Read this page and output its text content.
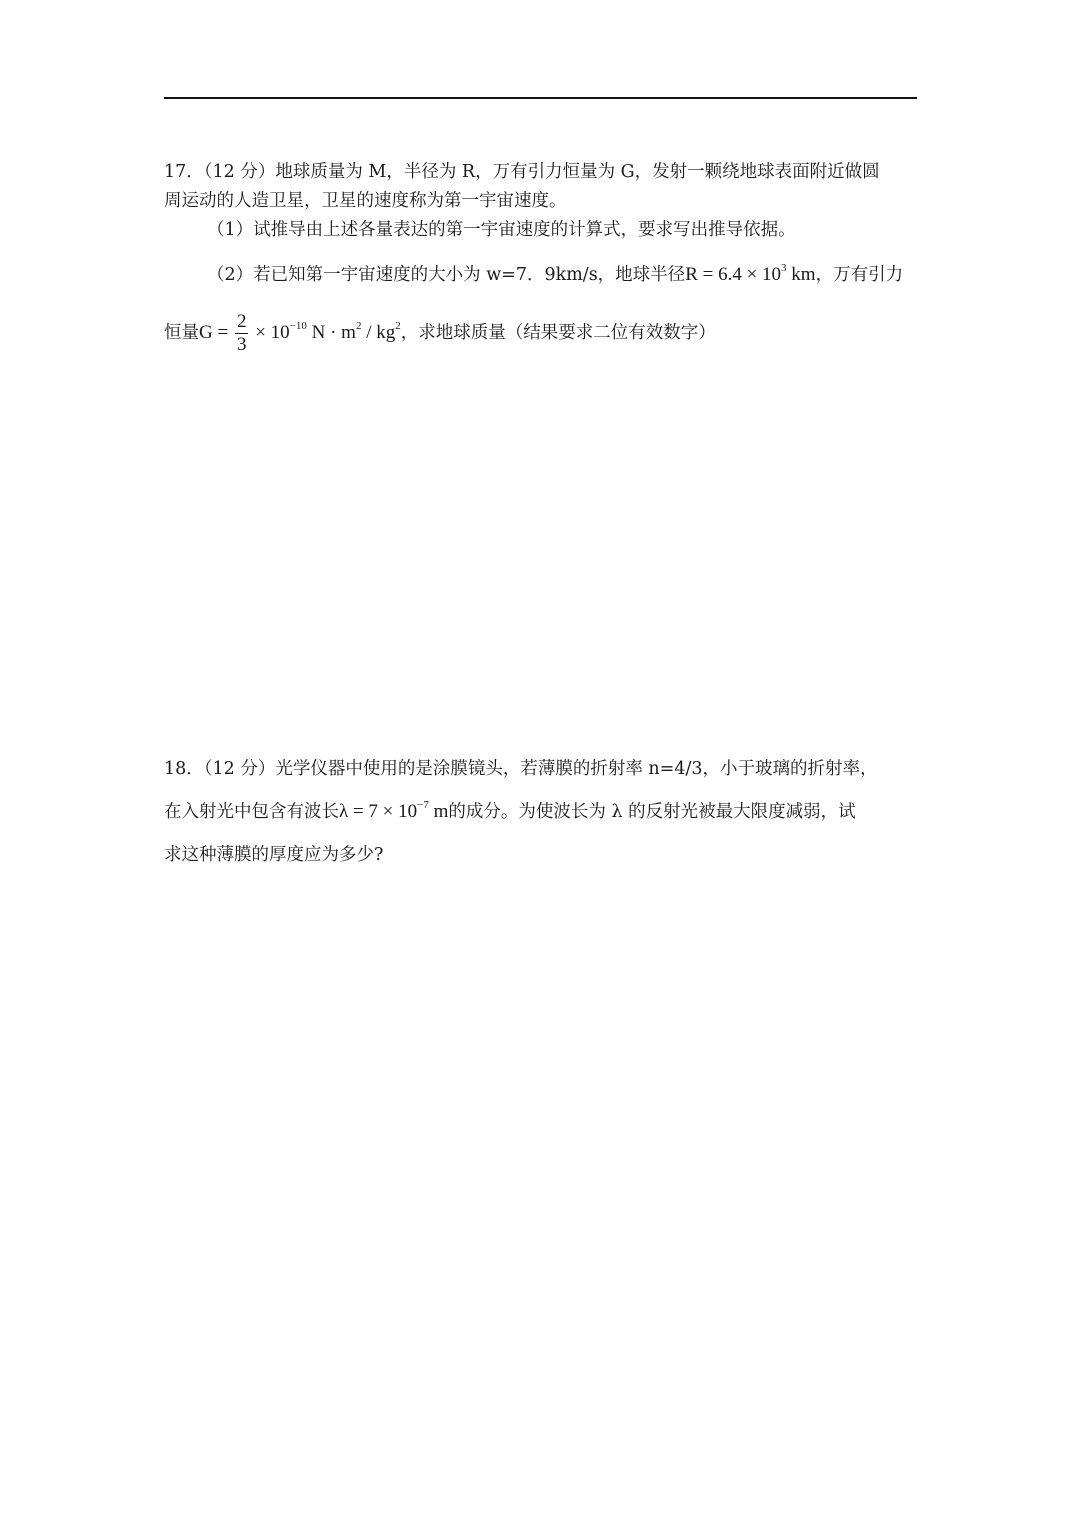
17．（12 分）地球质量为 M，半径为 R，万有引力恒量为 G，发射一颗绕地球表面附近做圆
周运动的人造卫星，卫星的速度称为第一宇宙速度。
（1）试推导由上述各量表达的第一宇宙速度的计算式，要求写出推导依据。
（2）若已知第一宇宙速度的大小为 w=7．9km/s，地球半径$R = 6.4 \times 10^3$ km，万有引力
恒量$G = \frac{2}{3} \times 10^{-10}$ $N \cdot m^2 / kg^2$，求地球质量（结果要求二位有效数字）
18．（12 分）光学仪器中使用的是涂膜镜头，若薄膜的折射率 n=4/3，小于玻璃的折射率，
在入射光中包含有波长$\lambda = 7 \times 10^{-7}$ m的成分。为使波长为 λ 的反射光被最大限度减弱，试
求这种薄膜的厚度应为多少?
